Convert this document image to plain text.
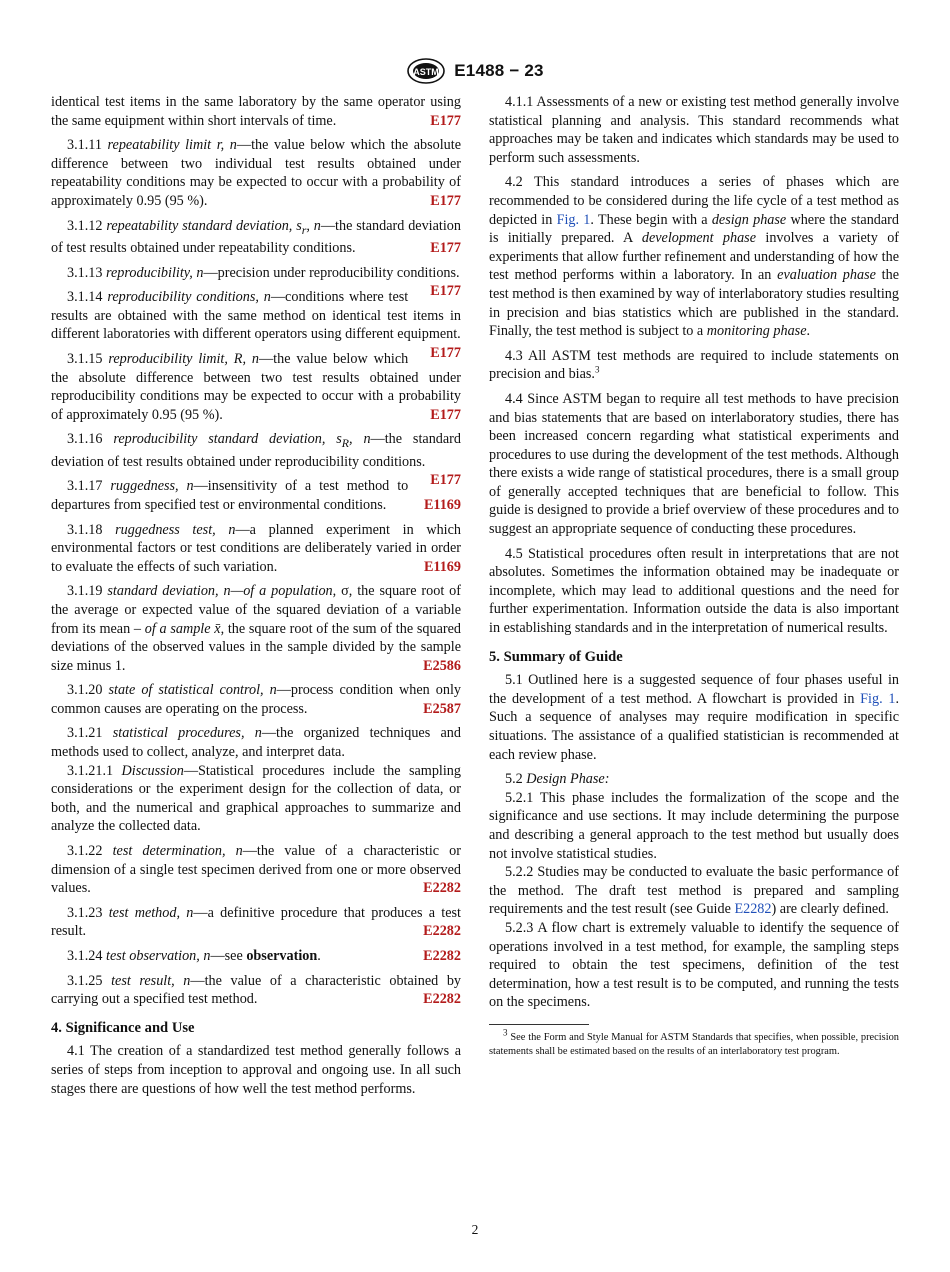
ASTM E1488 − 23

identical test items in the same laboratory by the same operator using the same equipment within short intervals of time.	E177

3.1.11 repeatability limit r, n—the value below which the absolute difference between two individual test results obtained under repeatability conditions may be expected to occur with a probability of approximately 0.95 (95 %).	E177

3.1.12 repeatability standard deviation, $s_r$, n—the standard deviation of test results obtained under repeatability conditions.	E177

3.1.13 reproducibility, n—precision under reproducibility conditions.
E177

3.1.14 reproducibility conditions, n—conditions where test results are obtained with the same method on identical test items in different laboratories with different operators using different equipment.
E177

3.1.15 reproducibility limit, R, n—the value below which the absolute difference between two test results obtained under reproducibility conditions may be expected to occur with a probability of approximately 0.95 (95 %).	E177

3.1.16 reproducibility standard deviation, $s_R$, n—the standard deviation of test results obtained under reproducibility conditions.
E177

3.1.17 ruggedness, n—insensitivity of a test method to departures from specified test or environmental conditions.	E1169

3.1.18 ruggedness test, n—a planned experiment in which environmental factors or test conditions are deliberately varied in order to evaluate the effects of such variation.	E1169

3.1.19 standard deviation, n—of a population, σ, the square root of the average or expected value of the squared deviation of a variable from its mean – of a sample x̄, the square root of the sum of the squared deviations of the observed values in the sample divided by the sample size minus 1.	E2586

3.1.20 state of statistical control, n—process condition when only common causes are operating on the process.	E2587

3.1.21 statistical procedures, n—the organized techniques and methods used to collect, analyze, and interpret data.

3.1.21.1 Discussion—Statistical procedures include the sampling considerations or the experiment design for the collection of data, or both, and the numerical and graphical approaches to summarize and analyze the collected data.

3.1.22 test determination, n—the value of a characteristic or dimension of a single test specimen derived from one or more observed values.	E2282

3.1.23 test method, n—a definitive procedure that produces a test result.	E2282

3.1.24 test observation, n—see observation.	E2282

3.1.25 test result, n—the value of a characteristic obtained by carrying out a specified test method.	E2282

4. Significance and Use

4.1 The creation of a standardized test method generally follows a series of steps from inception to approval and ongoing use. In all such stages there are questions of how well the test method performs.

4.1.1 Assessments of a new or existing test method generally involve statistical planning and analysis. This standard recommends what approaches may be taken and indicates which standards may be used to perform such assessments.

4.2 This standard introduces a series of phases which are recommended to be considered during the life cycle of a test method as depicted in Fig. 1. These begin with a design phase where the standard is initially prepared. A development phase involves a variety of experiments that allow further refinement and understanding of how the test method performs within a laboratory. In an evaluation phase the test method is then examined by way of interlaboratory studies resulting in precision and bias statistics which are published in the standard. Finally, the test method is subject to a monitoring phase.

4.3 All ASTM test methods are required to include statements on precision and bias.$^3$

4.4 Since ASTM began to require all test methods to have precision and bias statements that are based on interlaboratory studies, there has been increased concern regarding what statistical experiments and procedures to use during the development of the test methods. Although there exists a wide range of statistical procedures, there is a small group of generally accepted techniques that are beneficial to follow. This guide is designed to provide a brief overview of these procedures and to suggest an appropriate sequence of conducting these procedures.

4.5 Statistical procedures often result in interpretations that are not absolutes. Sometimes the information obtained may be inadequate or incomplete, which may lead to additional questions and the need for further experimentation. Information outside the data is also important in establishing standards and in the interpretation of numerical results.

5. Summary of Guide

5.1 Outlined here is a suggested sequence of four phases useful in the development of a test method. A flowchart is provided in Fig. 1. Such a sequence of analyses may require modification in specific situations. The assistance of a qualified statistician is recommended at each review phase.

5.2 Design Phase:

5.2.1 This phase includes the formalization of the scope and the significance and use sections. It may include determining the purpose and describing a general approach to the test method but usually does not involve statistical studies.

5.2.2 Studies may be conducted to evaluate the basic performance of the method. The draft test method is prepared and sampling requirements and the test result (see Guide E2282) are clearly defined.

5.2.3 A flow chart is extremely valuable to identify the sequence of operations involved in a test method, for example, the sampling steps required to obtain the test specimens, definition of the test determination, how a test result is to be computed, and running the tests on the specimens.

$^3$ See the Form and Style Manual for ASTM Standards that specifies, when possible, precision statements shall be estimated based on the results of an interlaboratory test program.
2
